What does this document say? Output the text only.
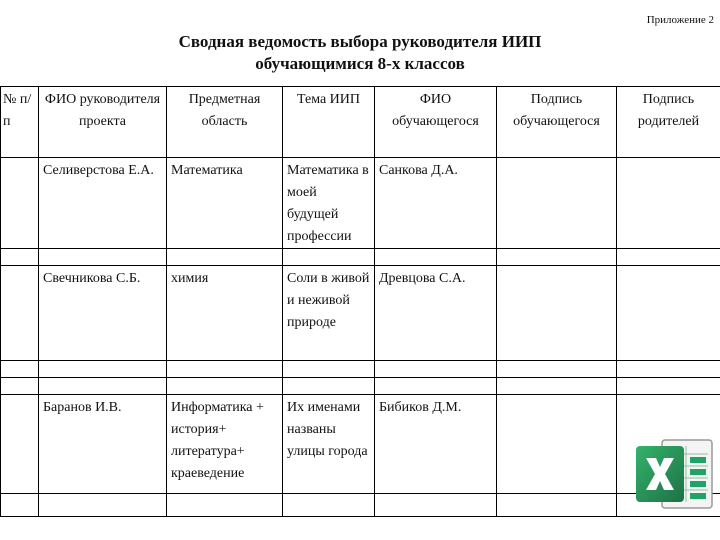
Приложение 2
Сводная ведомость выбора руководителя ИИП
обучающимися 8-х классов
№ п/п	ФИО руководителя проекта	Предметная область	Тема ИИП	ФИО обучающегося	Подпись обучающегося	Подпись родителей
	Селиверстова Е.А.	Математика	Математика в моей будущей профессии	Санкова Д.А.		

	Свечникова С.Б.	химия	Соли в живой и неживой природе	Древцова С.А.		

	Баранов И.В.	Информатика + история+ литература+ краеведение	Их именами названы улицы города	Бибиков Д.М.		
